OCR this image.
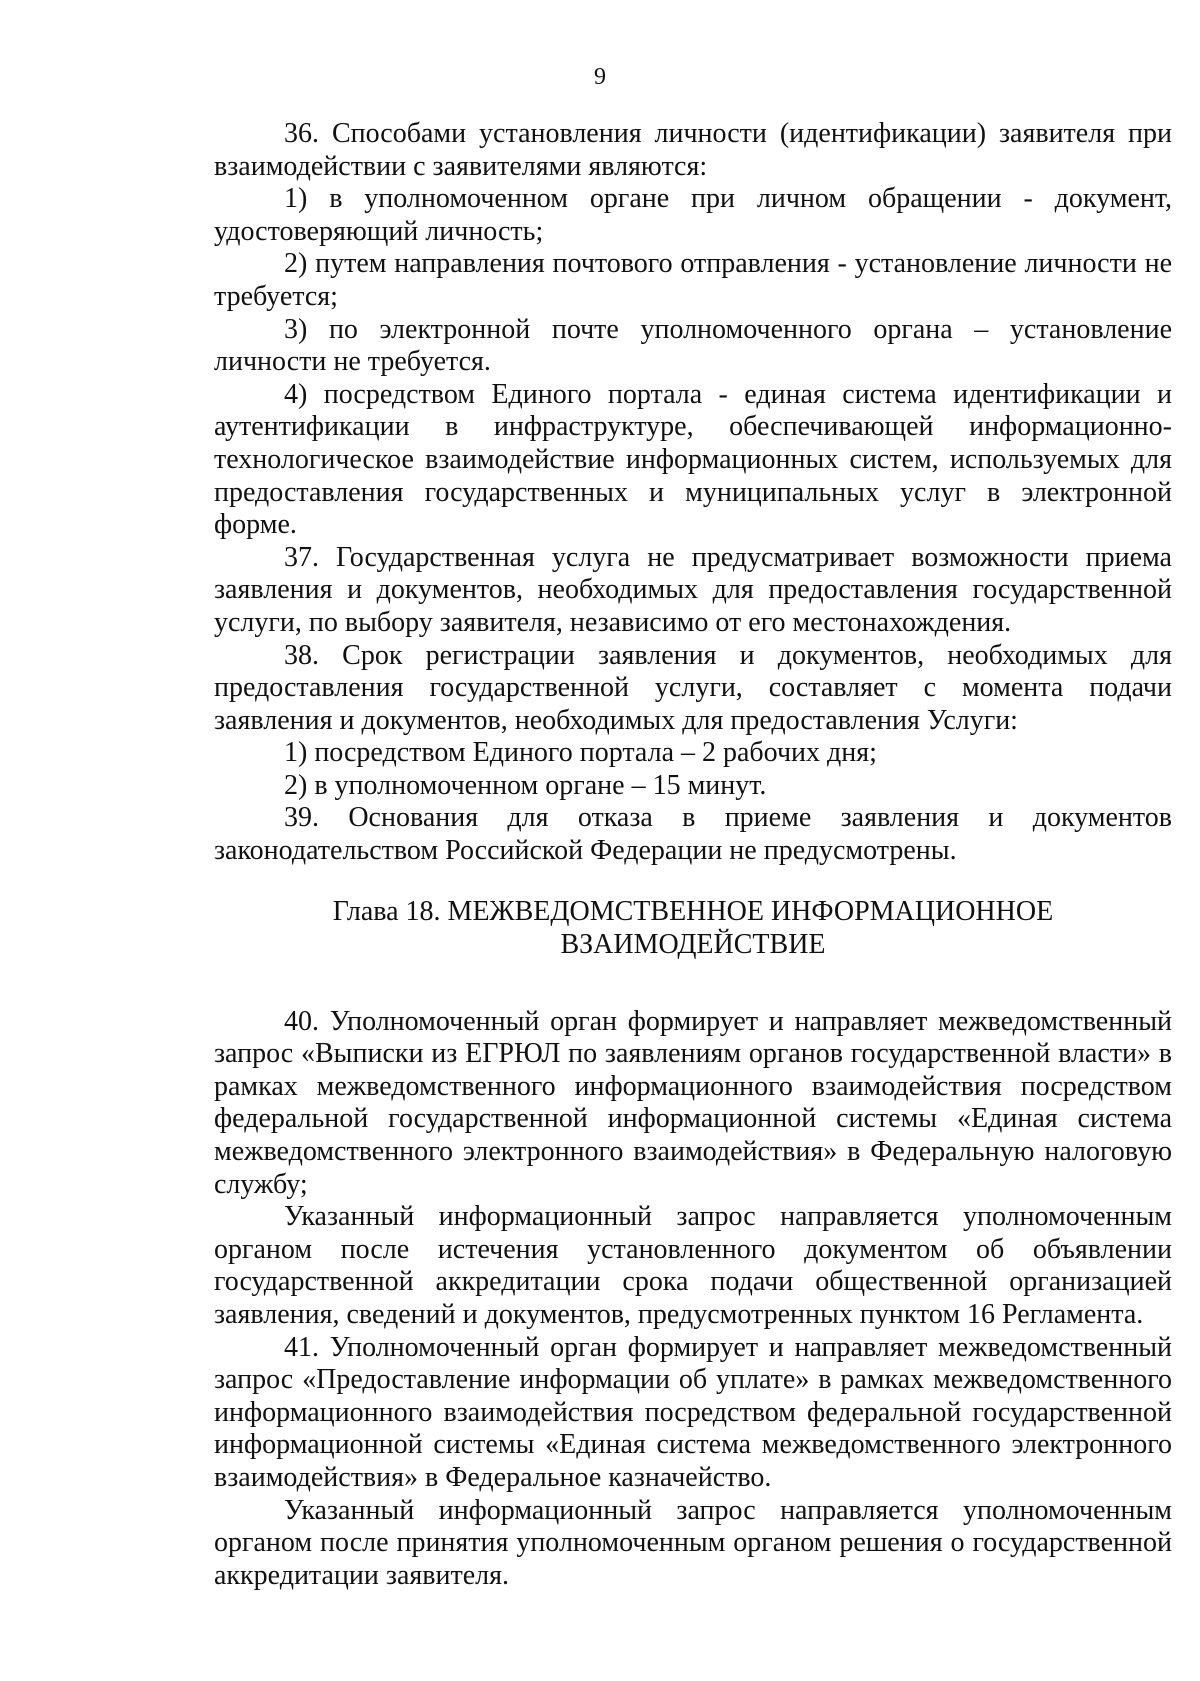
9

36. Способами установления личности (идентификации) заявителя при взаимодействии с заявителями являются:

1) в уполномоченном органе при личном обращении - документ, удостоверяющий личность;

2) путем направления почтового отправления - установление личности не требуется;

3) по электронной почте уполномоченного органа – установление личности не требуется.

4) посредством Единого портала - единая система идентификации и аутентификации в инфраструктуре, обеспечивающей информационно-технологическое взаимодействие информационных систем, используемых для предоставления государственных и муниципальных услуг в электронной форме.

37. Государственная услуга не предусматривает возможности приема заявления и документов, необходимых для предоставления государственной услуги, по выбору заявителя, независимо от его местонахождения.

38. Срок регистрации заявления и документов, необходимых для предоставления государственной услуги, составляет с момента подачи заявления и документов, необходимых для предоставления Услуги:

1) посредством Единого портала – 2 рабочих дня;

2) в уполномоченном органе – 15 минут.

39. Основания для отказа в приеме заявления и документов законодательством Российской Федерации не предусмотрены.

Глава 18. МЕЖВЕДОМСТВЕННОЕ ИНФОРМАЦИОННОЕ
ВЗАИМОДЕЙСТВИЕ

40. Уполномоченный орган формирует и направляет межведомственный запрос «Выписки из ЕГРЮЛ по заявлениям органов государственной власти» в рамках межведомственного информационного взаимодействия посредством федеральной государственной информационной системы «Единая система межведомственного электронного взаимодействия» в Федеральную налоговую службу;

Указанный информационный запрос направляется уполномоченным органом после истечения установленного документом об объявлении государственной аккредитации срока подачи общественной организацией заявления, сведений и документов, предусмотренных пунктом 16 Регламента.

41. Уполномоченный орган формирует и направляет межведомственный запрос «Предоставление информации об уплате» в рамках межведомственного информационного взаимодействия посредством федеральной государственной информационной системы «Единая система межведомственного электронного взаимодействия» в Федеральное казначейство.

Указанный информационный запрос направляется уполномоченным органом после принятия уполномоченным органом решения о государственной аккредитации заявителя.
